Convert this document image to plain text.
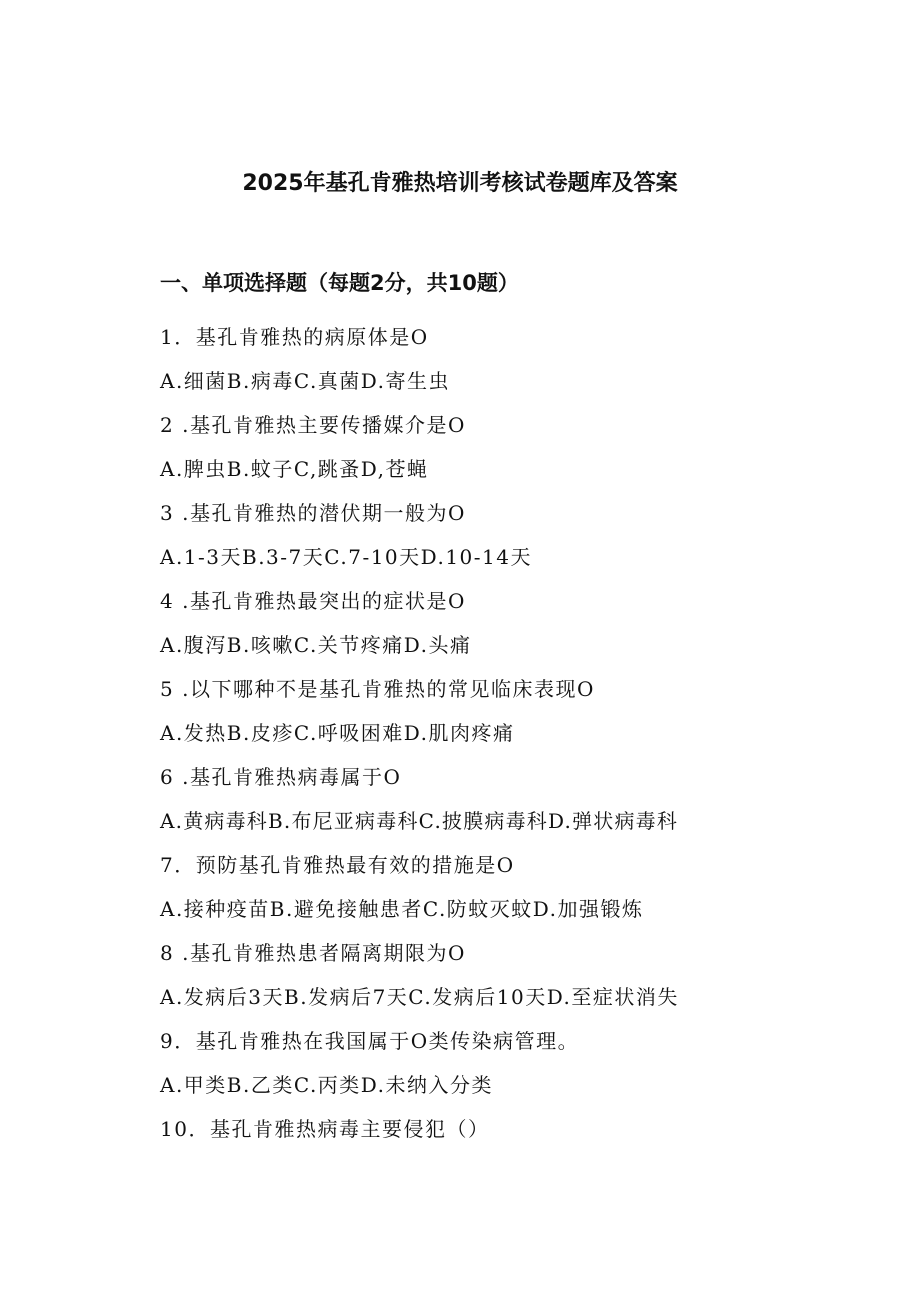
2025年基孔肯雅热培训考核试卷题库及答案
一、单项选择题（每题2分，共10题）
1．基孔肯雅热的病原体是O
A.细菌B.病毒C.真菌D.寄生虫
2 .基孔肯雅热主要传播媒介是O
A.脾虫B.蚊子C,跳蚤D,苍蝇
3 .基孔肯雅热的潜伏期一般为O
A.1-3天B.3-7天C.7-10天D.10-14天
4 .基孔肯雅热最突出的症状是O
A.腹泻B.咳嗽C.关节疼痛D.头痛
5 .以下哪种不是基孔肯雅热的常见临床表现O
A.发热B.皮疹C.呼吸困难D.肌肉疼痛
6 .基孔肯雅热病毒属于O
A.黄病毒科B.布尼亚病毒科C.披膜病毒科D.弹状病毒科
7．预防基孔肯雅热最有效的措施是O
A.接种疫苗B.避免接触患者C.防蚊灭蚊D.加强锻炼
8 .基孔肯雅热患者隔离期限为O
A.发病后3天B.发病后7天C.发病后10天D.至症状消失
9．基孔肯雅热在我国属于O类传染病管理。
A.甲类B.乙类C.丙类D.未纳入分类
10．基孔肯雅热病毒主要侵犯（）
